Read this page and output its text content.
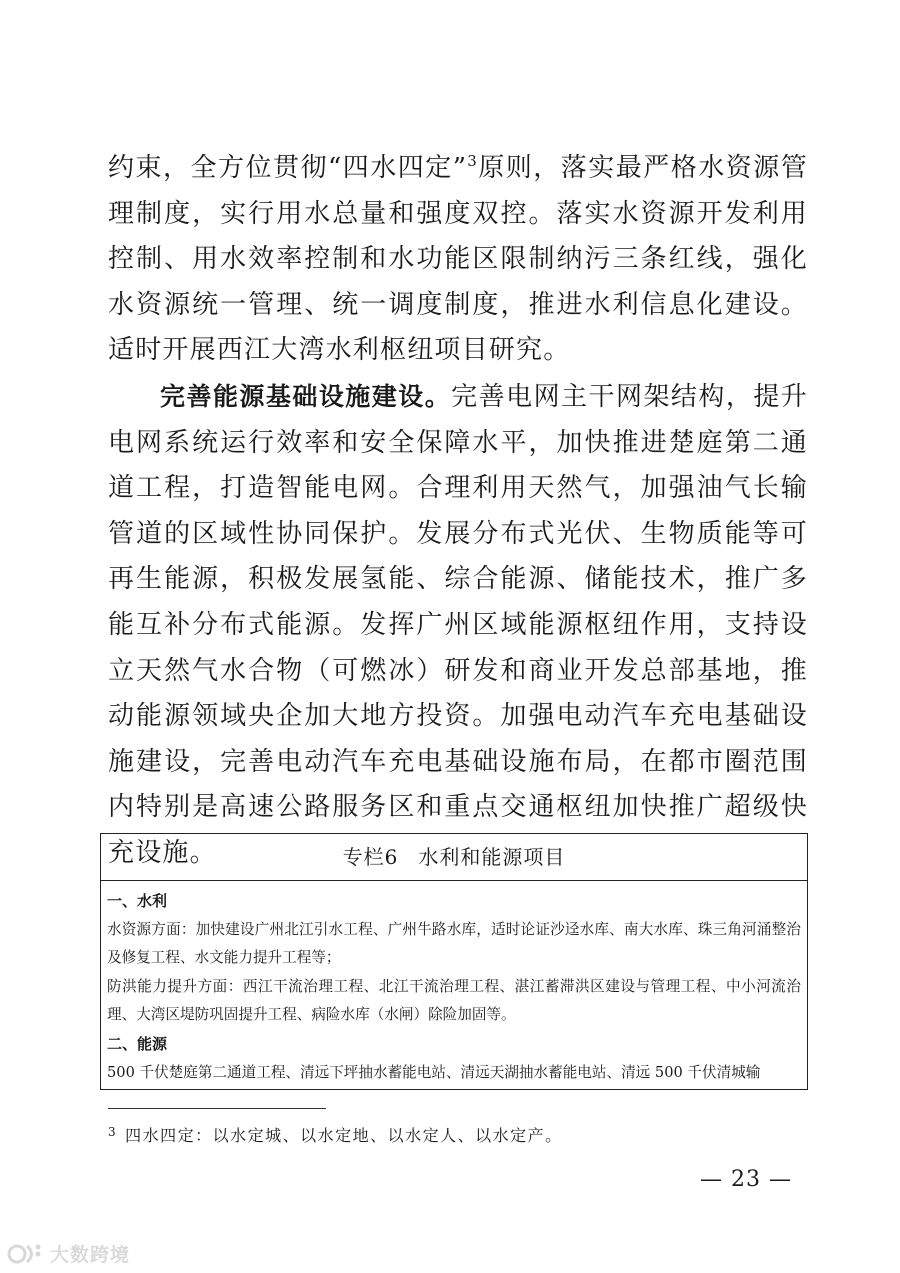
约束，全方位贯彻“四水四定”$^3$原则，落实最严格水资源管理制度，实行用水总量和强度双控。落实水资源开发利用控制、用水效率控制和水功能区限制纳污三条红线，强化水资源统一管理、统一调度制度，推进水利信息化建设。适时开展西江大湾水利枢纽项目研究。

完善能源基础设施建设。完善电网主干网架结构，提升电网系统运行效率和安全保障水平，加快推进楚庭第二通道工程，打造智能电网。合理利用天然气，加强油气长输管道的区域性协同保护。发展分布式光伏、生物质能等可再生能源，积极发展氢能、综合能源、储能技术，推广多能互补分布式能源。发挥广州区域能源枢纽作用，支持设立天然气水合物（可燃冰）研发和商业开发总部基地，推动能源领域央企加大地方投资。加强电动汽车充电基础设施建设，完善电动汽车充电基础设施布局，在都市圈范围内特别是高速公路服务区和重点交通枢纽加快推广超级快充设施。	专栏6 水利和能源项目

一、水利

水资源方面：加快建设广州北江引水工程、广州牛路水库，适时论证沙迳水库、南大水库、珠三角河涌整治及修复工程、水文能力提升工程等；

防洪能力提升方面：西江干流治理工程、北江干流治理工程、湛江蓄滞洪区建设与管理工程、中小河流治理、大湾区堤防巩固提升工程、病险水库（水闸）除险加固等。

二、能源

500 千伏楚庭第二通道工程、清远下坪抽水蓄能电站、清远天湖抽水蓄能电站、清远 500 千伏清城输

$^3$ 四水四定：以水定城、以水定地、以水定人、以水定产。
— 23 —
大数跨境
